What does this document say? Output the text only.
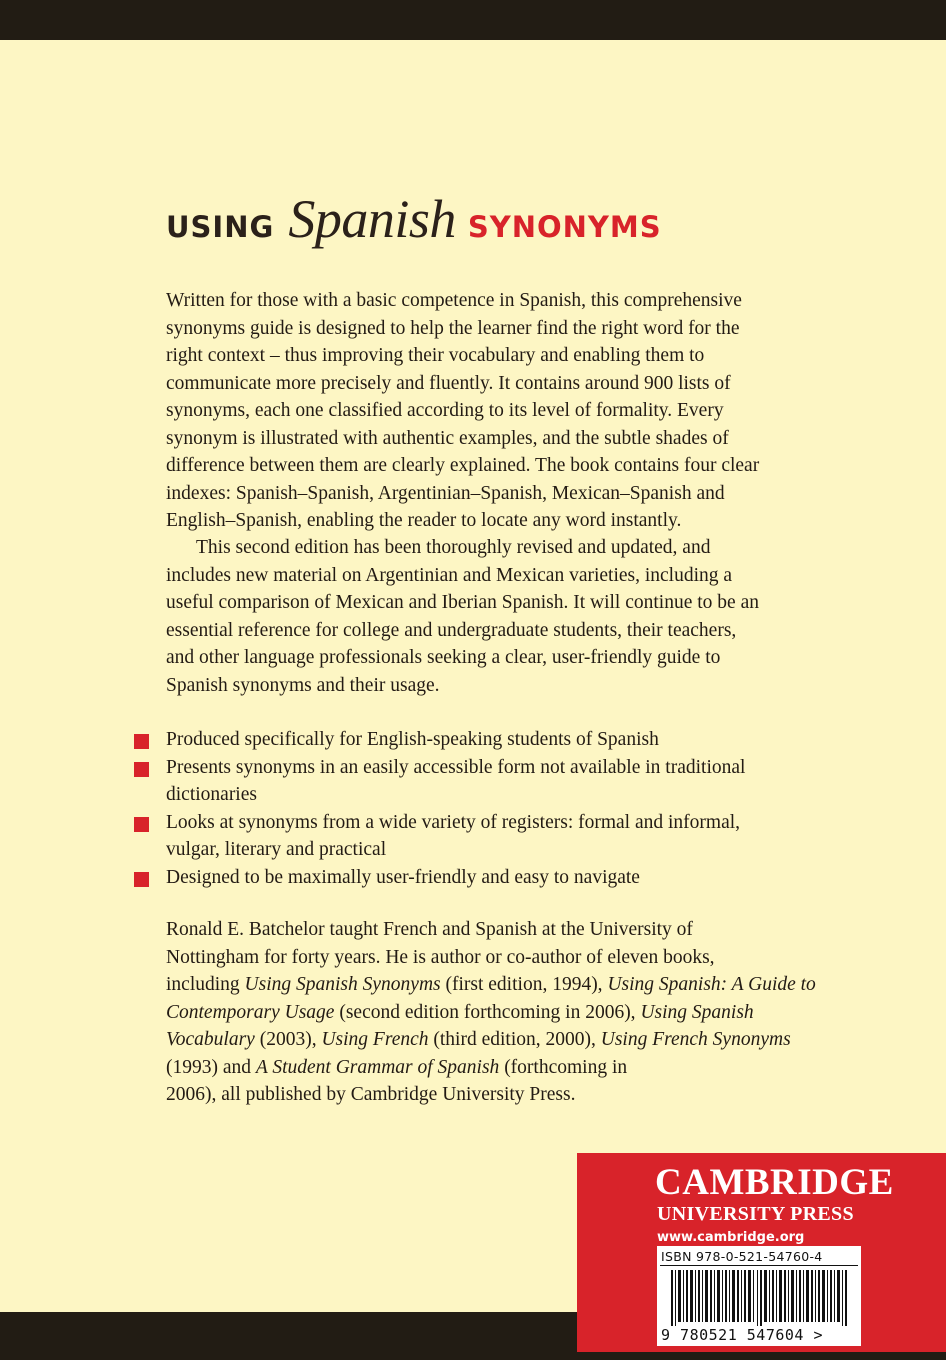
USING Spanish SYNONYMS
Written for those with a basic competence in Spanish, this comprehensive
synonyms guide is designed to help the learner find the right word for the
right context – thus improving their vocabulary and enabling them to
communicate more precisely and fluently. It contains around 900 lists of
synonyms, each one classified according to its level of formality. Every
synonym is illustrated with authentic examples, and the subtle shades of
difference between them are clearly explained. The book contains four clear
indexes: Spanish–Spanish, Argentinian–Spanish, Mexican–Spanish and
English–Spanish, enabling the reader to locate any word instantly.
This second edition has been thoroughly revised and updated, and
includes new material on Argentinian and Mexican varieties, including a
useful comparison of Mexican and Iberian Spanish. It will continue to be an
essential reference for college and undergraduate students, their teachers,
and other language professionals seeking a clear, user-friendly guide to
Spanish synonyms and their usage.
Produced specifically for English-speaking students of Spanish
Presents synonyms in an easily accessible form not available in traditional
dictionaries
Looks at synonyms from a wide variety of registers: formal and informal,
vulgar, literary and practical
Designed to be maximally user-friendly and easy to navigate
Ronald E. Batchelor taught French and Spanish at the University of
Nottingham for forty years. He is author or co-author of eleven books,
including Using Spanish Synonyms (first edition, 1994), Using Spanish: A Guide to
Contemporary Usage (second edition forthcoming in 2006), Using Spanish
Vocabulary (2003), Using French (third edition, 2000), Using French Synonyms
(1993) and A Student Grammar of Spanish (forthcoming in
2006), all published by Cambridge University Press.
CAMBRIDGE
UNIVERSITY PRESS
www.cambridge.org
ISBN 978-0-521-54760-4
9 780521 547604 >
